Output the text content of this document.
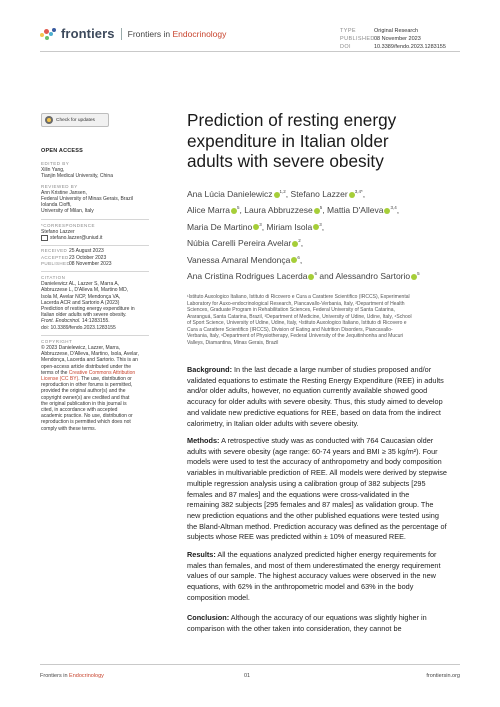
frontiers Frontiers in Endocrinology	TYPE	Original Research
PUBLISHED08 November 2023
DOI	10.3389/fendo.2023.1283155
Check for updates
OPEN ACCESS
EDITED BY
Xilin Yang,
Tianjin Medical University, China
REVIEWED BY
Ann Kristine Jansen,
Federal University of Minas Gerais, Brazil
Iolanda Cioffi,
University of Milan, Italy
*CORRESPONDENCE
Stefano Lazzer
stefano.lazzer@uniud.it
RECEIVED 25 August 2023
ACCEPTED23 October 2023
PUBLISHED08 November 2023
CITATION
Danielewicz AL, Lazzer S, Marra A,
Abbruzzese L, D'Alleva M, Martino MD,
Isola M, Avelar NCP, Mendonça VA,
Lacerda ACR and Sartorio A (2023)
Prediction of resting energy expenditure in
Italian older adults with severe obesity.
Front. Endocrinol. 14:1283155.
doi: 10.3389/fendo.2023.1283155
COPYRIGHT
© 2023 Danielewicz, Lazzer, Marra,
Abbruzzese, D'Alleva, Martino, Isola, Avelar,
Mendonça, Lacerda and Sartorio. This is an
open-access article distributed under the
terms of the Creative Commons Attribution
License (CC BY). The use, distribution or
reproduction in other forums is permitted,
provided the original author(s) and the
copyright owner(s) are credited and that
the original publication in this journal is
cited, in accordance with accepted
academic practice. No use, distribution or
reproduction is permitted which does not
comply with these terms.
Prediction of resting energy
expenditure in Italian older
adults with severe obesity
Ana Lúcia Danielewicz $^{1,2}$, Stefano Lazzer $^{3,4*}$,
Alice Marra $^5$, Laura Abbruzzese $^5$, Mattia D'Alleva $^{3,4}$,
Maria De Martino $^3$, Miriam Isola $^3$,
Núbia Carelli Pereira Avelar $^2$,
Vanessa Amaral Mendonça $^6$,
Ana Cristina Rodrigues Lacerda $^6$ and Alessandro Sartorio $^5$
¹Istituto Auxologico Italiano, Istituto di Ricovero e Cura a Carattere Scientifico (IRCCS), Experimental
Laboratory for Auxo-endocrinological Research, Piancavallo-Verbania, Italy, ²Department of Health
Sciences, Graduate Program in Rehabilitation Sciences, Federal University of Santa Catarina,
Araranguá, Santa Catarina, Brazil, ³Department of Medicine, University of Udine, Udine, Italy, ⁴School
of Sport Science, University of Udine, Udine, Italy, ⁵Istituto Auxologico Italiano, Istituto di Ricovero e
Cura a Carattere Scientifico (IRCCS), Division of Eating and Nutrition Disorders, Piancavallo-
Verbania, Italy, ⁶Department of Physiotherapy, Federal University of the Jequitinhonha and Mucuri
Valleys, Diamantina, Minas Gerais, Brazil
Background: In the last decade a large number of studies proposed and/or
validated equations to estimate the Resting Energy Expenditure (REE) in adults
and/or older adults, however, no equation currently available showed good
accuracy for older adults with severe obesity. Thus, this study aimed to develop
and validate new predictive equations for REE, based on data from the indirect
calorimetry, in Italian older adults with severe obesity.
Methods: A retrospective study was as conducted with 764 Caucasian older
adults with severe obesity (age range: 60-74 years and BMI ≥ 35 kg/m²). Four
models were used to test the accuracy of anthropometry and body composition
variables in multivariable prediction of REE. All models were derived by stepwise
multiple regression analysis using a calibration group of 382 subjects [295
females and 87 males] and the equations were cross-validated in the
remaining 382 subjects [295 females and 87 males] as validation group. The
new prediction equations and the other published equations were tested using
the Bland-Altman method. Prediction accuracy was defined as the percentage of
subjects whose REE was predicted within ± 10% of measured REE.
Results: All the equations analyzed predicted higher energy requirements for
males than females, and most of them underestimated the energy requirement
values of our sample. The highest accuracy values were observed in the new
equations, with 62% in the anthropometric model and 63% in the body
composition model.
Conclusion: Although the accuracy of our equations was slightly higher in
comparison with the other taken into consideration, they cannot be
Frontiers in Endocrinology	01	frontiersin.org
